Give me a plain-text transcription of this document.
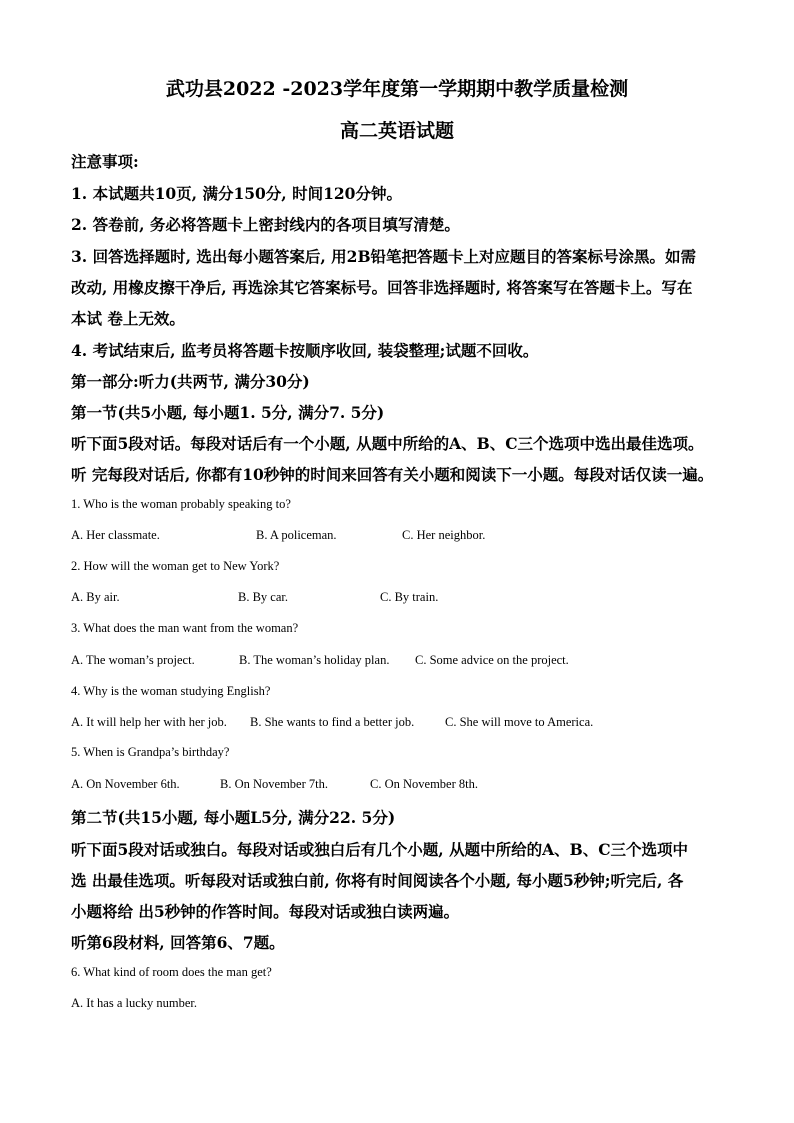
武功县2022 -2023学年度第一学期期中教学质量检测
高二英语试题
注意事项:
1. 本试题共10页, 满分150分, 时间120分钟。
2. 答卷前, 务必将答题卡上密封线内的各项目填写清楚。
3. 回答选择题时, 选出每小题答案后, 用2B铅笔把答题卡上对应题目的答案标号涂黑。如需
改动, 用橡皮擦干净后, 再选涂其它答案标号。回答非选择题时, 将答案写在答题卡上。写在
本试 卷上无效。
4. 考试结束后, 监考员将答题卡按顺序收回, 装袋整理;试题不回收。
第一部分:听力(共两节, 满分30分)
第一节(共5小题, 每小题1. 5分, 满分7. 5分)
听下面5段对话。每段对话后有一个小题, 从题中所给的A、B、C三个选项中选出最佳选项。
听 完每段对话后, 你都有10秒钟的时间来回答有关小题和阅读下一小题。每段对话仅读一遍。
1. Who is the woman probably speaking to?
A. Her classmate.	B. A policeman.	C. Her neighbor.
2. How will the woman get to New York?
A. By air.	B. By car.	C. By train.
3. What does the man want from the woman?
A. The woman’s project.	B. The woman’s holiday plan. C. Some advice on the project.
4. Why is the woman studying English?
A. It will help her with her job. B. She wants to find a better job. C. She will move to America.
5. When is Grandpa’s birthday?
A. On November 6th.	B. On November 7th.	C. On November 8th.
第二节(共15小题, 每小题L5分, 满分22. 5分)
听下面5段对话或独白。每段对话或独白后有几个小题, 从题中所给的A、B、C三个选项中
选 出最佳选项。听每段对话或独白前, 你将有时间阅读各个小题, 每小题5秒钟;听完后, 各
小题将给 出5秒钟的作答时间。每段对话或独白读两遍。
听第6段材料, 回答第6、7题。
6. What kind of room does the man get?
A. It has a lucky number.
